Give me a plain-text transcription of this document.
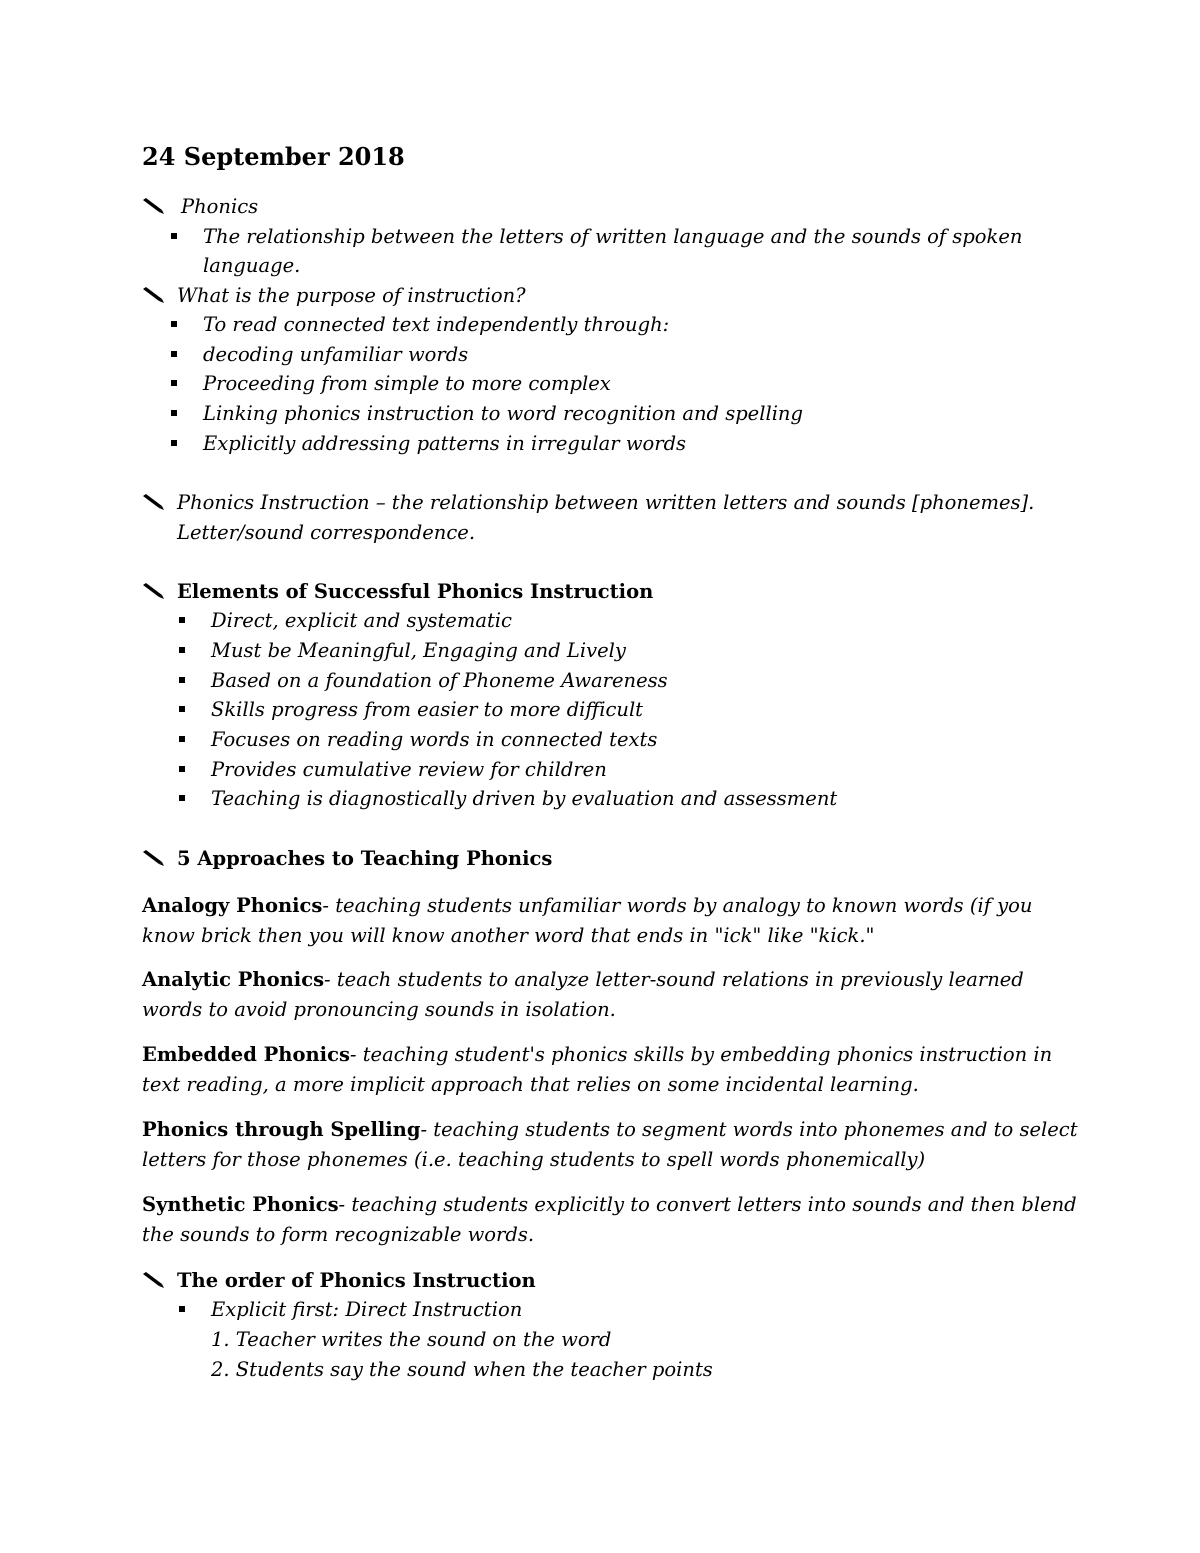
24 September 2018
Phonics
The relationship between the letters of written language and the sounds of spoken
language.
What is the purpose of instruction?
To read connected text independently through:
decoding unfamiliar words
Proceeding from simple to more complex
Linking phonics instruction to word recognition and spelling
Explicitly addressing patterns in irregular words
Phonics Instruction – the relationship between written letters and sounds [phonemes].
Letter/sound correspondence.
Elements of Successful Phonics Instruction
Direct, explicit and systematic
Must be Meaningful, Engaging and Lively
Based on a foundation of Phoneme Awareness
Skills progress from easier to more difficult
Focuses on reading words in connected texts
Provides cumulative review for children
Teaching is diagnostically driven by evaluation and assessment
5 Approaches to Teaching Phonics
Analogy Phonics- teaching students unfamiliar words by analogy to known words (if you
know brick then you will know another word that ends in "ick" like "kick."
Analytic Phonics- teach students to analyze letter-sound relations in previously learned
words to avoid pronouncing sounds in isolation.
Embedded Phonics- teaching student's phonics skills by embedding phonics instruction in
text reading, a more implicit approach that relies on some incidental learning.
Phonics through Spelling- teaching students to segment words into phonemes and to select
letters for those phonemes (i.e. teaching students to spell words phonemically)
Synthetic Phonics- teaching students explicitly to convert letters into sounds and then blend
the sounds to form recognizable words.
The order of Phonics Instruction
Explicit first: Direct Instruction
1. Teacher writes the sound on the word
2. Students say the sound when the teacher points
